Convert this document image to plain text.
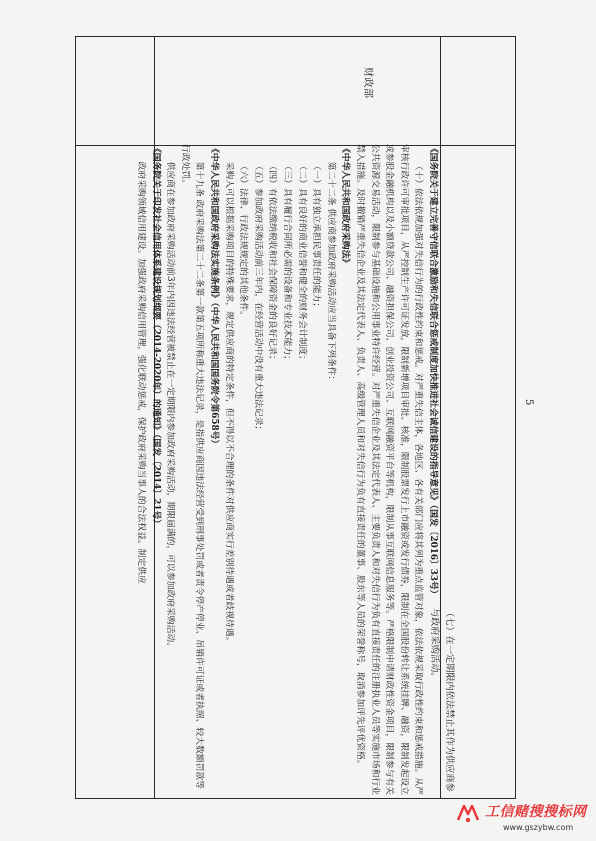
财政部
（七）在一定期限内依法禁止其作为供应商参与政府采购活动。

《国务院关于建立完善守信联合激励和失信联合惩戒制度加快推进社会诚信建设的指导意见》（国发〔2016〕33号）

（十）依法依规加强对失信行为的行政性约束和惩戒。对严重失信主体，各地区、各有关部门应将其列为重点监管对象，依法依规采取行政性约束和惩戒措施。从严审核行政许可审批项目，从严控制生产许可证发放，限制新增项目审批、核准，限制股票发行上市融资或发行债券，限制在全国股份转让系统挂牌、融资，限制发起设立或参股金融机构以及小额贷款公司、融资担保公司、创业投资公司、互联网融资平台等机构，限制从事互联网信息服务等。严格限制申请财政性资金项目，限制参与有关公共资源交易活动，限制参与基础设施和公用事业特许经营。对严重失信企业及其法定代表人、主要负责人和对失信行为负有直接责任的注册执业人员等实施市场和行业禁入措施。及时撤销严重失信企业及其法定代表人、负责人、高级管理人员和对失信行为负有直接责任的董事、股东等人员的荣誉称号，取消参加评先评优资格。

《中华人民共和国政府采购法》

第二十二条 供应商参加政府采购活动应当具备下列条件：

（一）具有独立承担民事责任的能力；

（二）具有良好的商业信誉和健全的财务会计制度；

（三）具有履行合同所必需的设备和专业技术能力；

（四）有依法缴纳税收和社会保障资金的良好记录；

（五）参加政府采购活动前三年内，在经营活动中没有重大违法记录；

（六）法律、行政法规规定的其他条件。

采购人可以根据采购项目的特殊要求，规定供应商的特定条件，但不得以不合理的条件对供应商实行差别待遇或者歧视待遇。

《中华人民共和国政府采购法实施条例》（中华人民共和国国务院令第658号）

第十九条 政府采购法第二十二条第一款第五项所称重大违法记录，是指供应商因违法经营受到刑事处罚或者责令停产停业、吊销许可证或者执照、较大数额罚款等行政处罚。

供应商在参加政府采购活动前3年内因违法经营被禁止在一定期限内参加政府采购活动，期限届满的，可以参加政府采购活动。

《国务院关于印发社会信用体系建设规划纲要（2014-2020年）的通知》（国发〔2014〕21号）

政府采购领域信用建设。加强政府采购信用管理，强化联动惩戒，保护政府采购当事人的合法权益。制定供应	5
工信赌搜搜标网
www.gszybw.com
